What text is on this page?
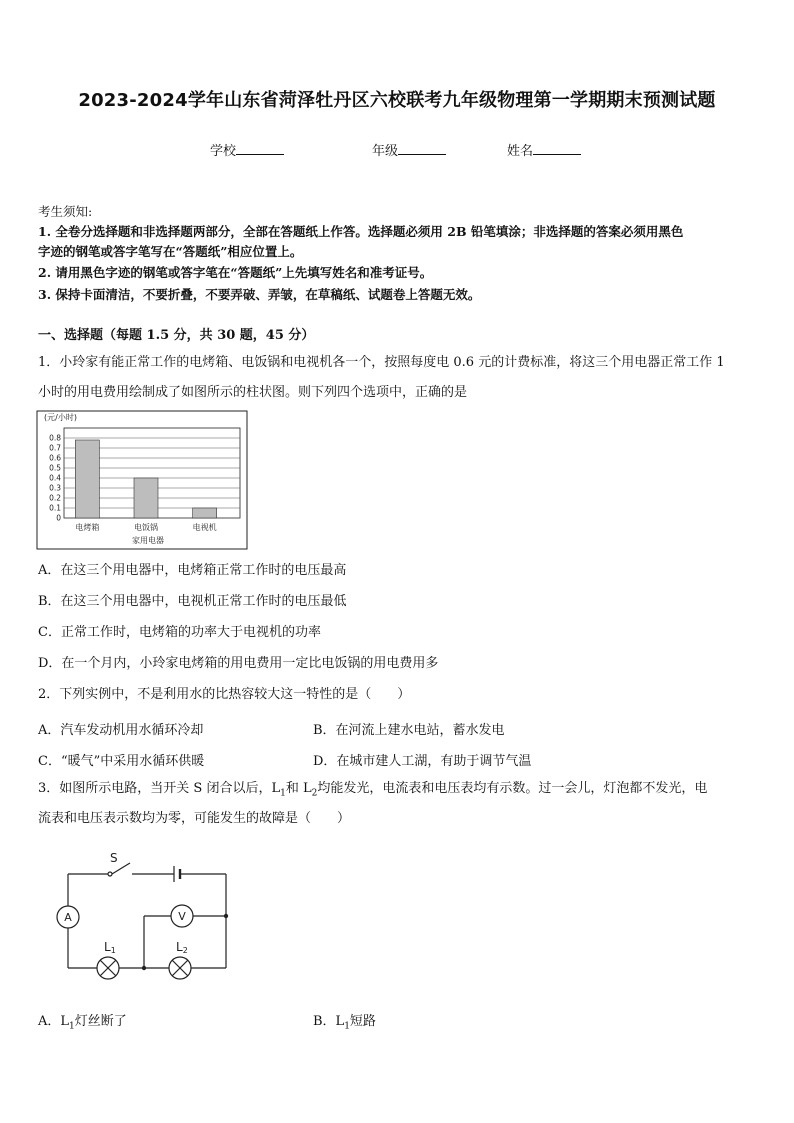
2023-2024学年山东省菏泽牡丹区六校联考九年级物理第一学期期末预测试题
学校	年级	姓名
考生须知:
1. 全卷分选择题和非选择题两部分，全部在答题纸上作答。选择题必须用 2B 铅笔填涂；非选择题的答案必须用黑色
字迹的钢笔或答字笔写在“答题纸”相应位置上。
2. 请用黑色字迹的钢笔或答字笔在“答题纸”上先填写姓名和准考证号。
3. 保持卡面清洁，不要折叠，不要弄破、弄皱，在草稿纸、试题卷上答题无效。
一、选择题（每题 1.5 分，共 30 题，45 分）
1．小玲家有能正常工作的电烤箱、电饭锅和电视机各一个，按照每度电 0.6 元的计费标准，将这三个用电器正常工作 1
小时的用电费用绘制成了如图所示的柱状图。则下列四个选项中，正确的是
(元/小时)
0
0.1
0.2
0.3
0.4
0.5
0.6
0.7
0.8
电烤箱	电饭锅	电视机
家用电器
A．在这三个用电器中，电烤箱正常工作时的电压最高
B．在这三个用电器中，电视机正常工作时的电压最低
C．正常工作时，电烤箱的功率大于电视机的功率
D．在一个月内，小玲家电烤箱的用电费用一定比电饭锅的用电费用多
2．下列实例中，不是利用水的比热容较大这一特性的是（　　）
A．汽车发动机用水循环冷却	B．在河流上建水电站，蓄水发电
C．“暖气”中采用水循环供暖	D．在城市建人工湖，有助于调节气温
3．如图所示电路，当开关 S 闭合以后，$L_1$和 $L_2$均能发光，电流表和电压表均有示数。过一会儿，灯泡都不发光，电
流表和电压表示数均为零，可能发生的故障是（　　）
S
A	V
L1	L2
A．$L_1$灯丝断了	B．$L_1$短路
